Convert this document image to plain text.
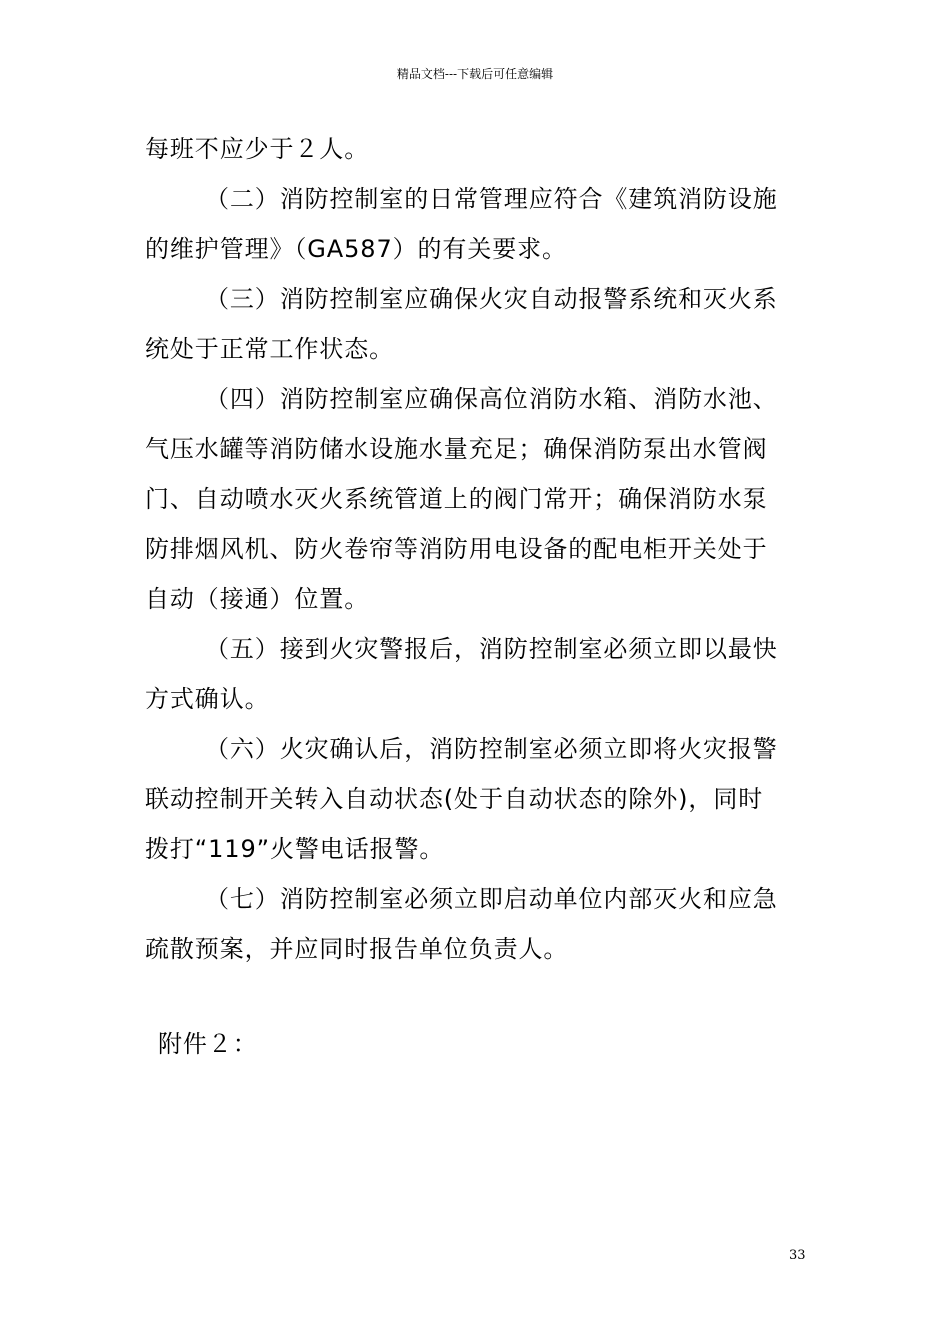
精品文档---下载后可任意编辑
每班不应少于２人。
（二）消防控制室的日常管理应符合《建筑消防设施
的维护管理》（GA587）的有关要求。
（三）消防控制室应确保火灾自动报警系统和灭火系
统处于正常工作状态。
（四）消防控制室应确保高位消防水箱、消防水池、
气压水罐等消防储水设施水量充足；确保消防泵出水管阀
门、自动喷水灭火系统管道上的阀门常开；确保消防水泵
防排烟风机、防火卷帘等消防用电设备的配电柜开关处于
自动（接通）位置。
（五）接到火灾警报后，消防控制室必须立即以最快
方式确认。
（六）火灾确认后，消防控制室必须立即将火灾报警
联动控制开关转入自动状态(处于自动状态的除外)，同时
拨打“119”火警电话报警。
（七）消防控制室必须立即启动单位内部灭火和应急
疏散预案，并应同时报告单位负责人。
附件２：
33
